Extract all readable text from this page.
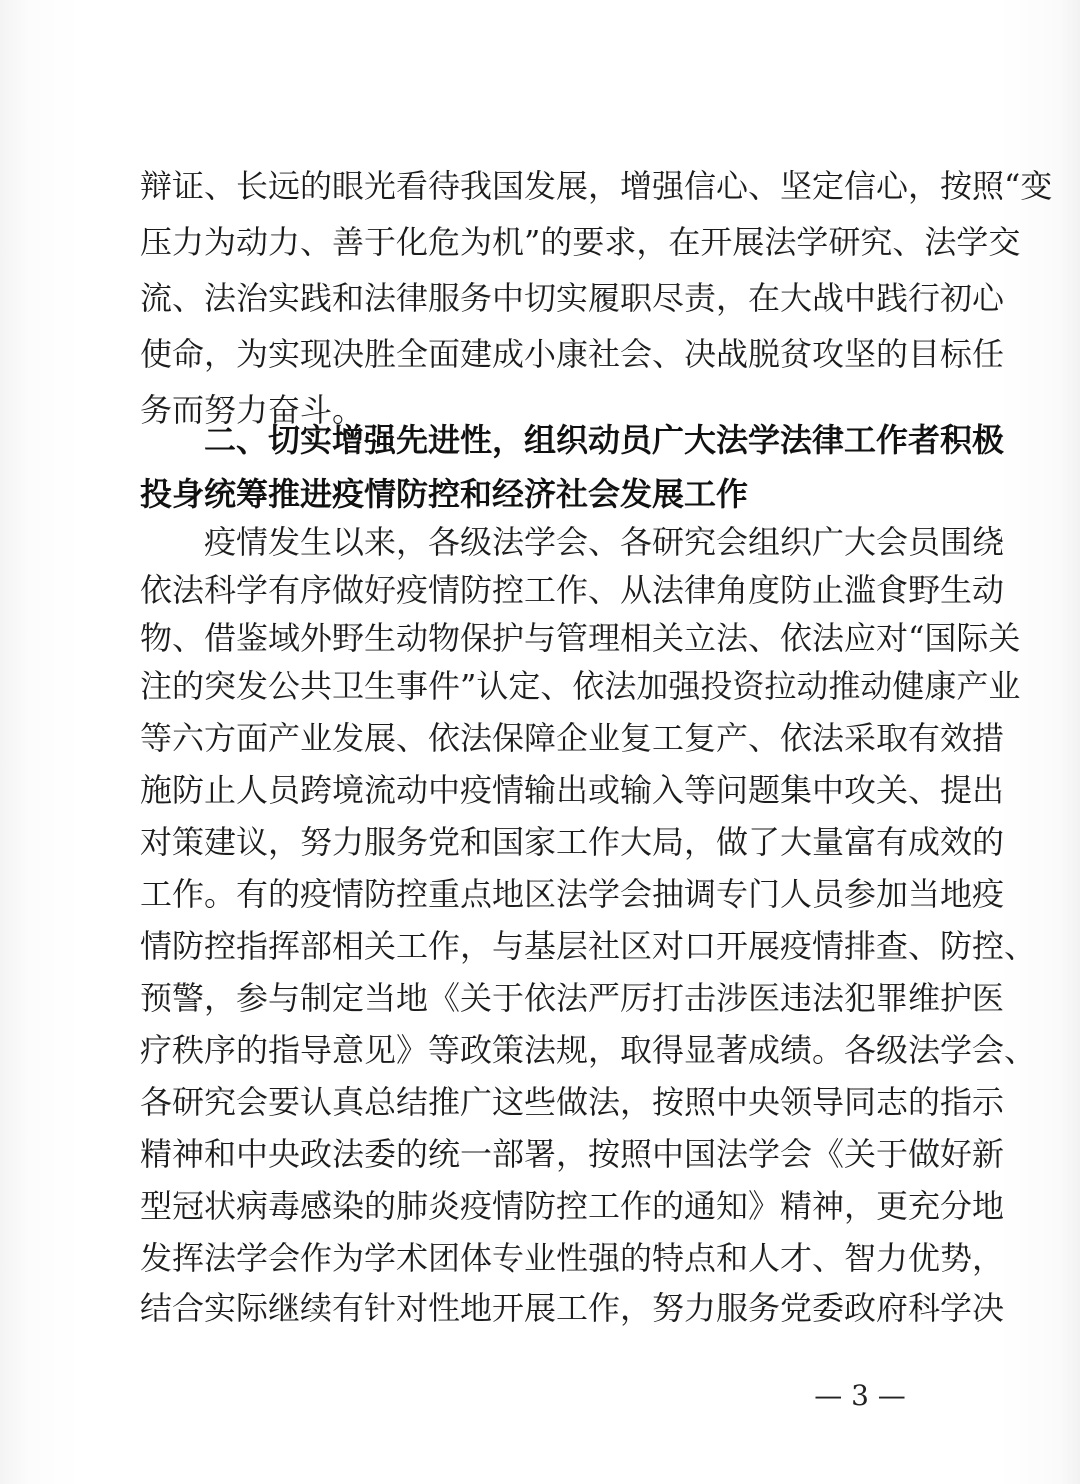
辩证、长远的眼光看待我国发展，增强信心、坚定信心，按照“变
压力为动力、善于化危为机”的要求，在开展法学研究、法学交
流、法治实践和法律服务中切实履职尽责，在大战中践行初心
使命，为实现决胜全面建成小康社会、决战脱贫攻坚的目标任
务而努力奋斗。
二、切实增强先进性，组织动员广大法学法律工作者积极
投身统筹推进疫情防控和经济社会发展工作
疫情发生以来，各级法学会、各研究会组织广大会员围绕
依法科学有序做好疫情防控工作、从法律角度防止滥食野生动
物、借鉴域外野生动物保护与管理相关立法、依法应对“国际关
注的突发公共卫生事件”认定、依法加强投资拉动推动健康产业
等六方面产业发展、依法保障企业复工复产、依法采取有效措
施防止人员跨境流动中疫情输出或输入等问题集中攻关、提出
对策建议，努力服务党和国家工作大局，做了大量富有成效的
工作。有的疫情防控重点地区法学会抽调专门人员参加当地疫
情防控指挥部相关工作，与基层社区对口开展疫情排查、防控、
预警，参与制定当地《关于依法严厉打击涉医违法犯罪维护医
疗秩序的指导意见》等政策法规，取得显著成绩。各级法学会、
各研究会要认真总结推广这些做法，按照中央领导同志的指示
精神和中央政法委的统一部署，按照中国法学会《关于做好新
型冠状病毒感染的肺炎疫情防控工作的通知》精神，更充分地
发挥法学会作为学术团体专业性强的特点和人才、智力优势，
结合实际继续有针对性地开展工作，努力服务党委政府科学决
— 3 —
